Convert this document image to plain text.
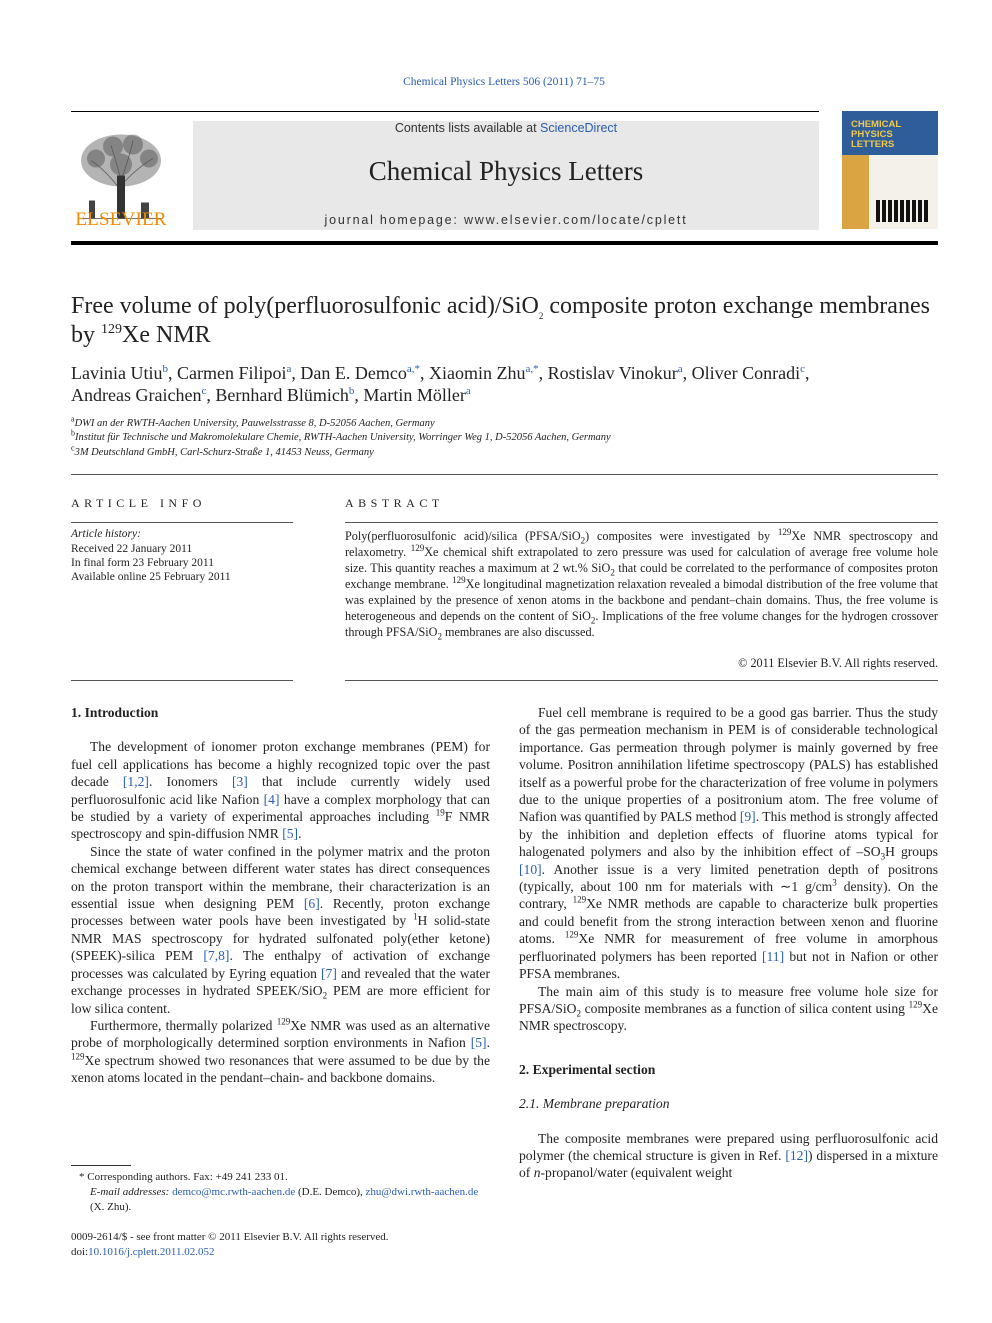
Chemical Physics Letters 506 (2011) 71–75
Contents lists available at ScienceDirect
Chemical Physics Letters
journal homepage: www.elsevier.com/locate/cplett
ELSEVIER
CHEMICAL
PHYSICS
LETTERS
Free volume of poly(perfluorosulfonic acid)/SiO$_2$ composite proton exchange membranes by $^{129}$Xe NMR
Lavinia Utiu$^b$, Carmen Filipoi$^a$, Dan E. Demco$^{a,*}$, Xiaomin Zhu$^{a,*}$, Rostislav Vinokur$^a$, Oliver Conradi$^c$,
Andreas Graichen$^c$, Bernhard Blümich$^b$, Martin Möller$^a$
$^a$DWI an der RWTH-Aachen University, Pauwelsstrasse 8, D-52056 Aachen, Germany
$^b$Institut für Technische und Makromolekulare Chemie, RWTH-Aachen University, Worringer Weg 1, D-52056 Aachen, Germany
$^c$3M Deutschland GmbH, Carl-Schurz-Straße 1, 41453 Neuss, Germany
ARTICLE INFO
Article history:
Received 22 January 2011
In final form 23 February 2011
Available online 25 February 2011
ABSTRACT
Poly(perfluorosulfonic acid)/silica (PFSA/SiO$_2$) composites were investigated by $^{129}$Xe NMR spectroscopy and relaxometry. $^{129}$Xe chemical shift extrapolated to zero pressure was used for calculation of average free volume hole size. This quantity reaches a maximum at 2 wt.% SiO$_2$ that could be correlated to the performance of composites proton exchange membrane. $^{129}$Xe longitudinal magnetization relaxation revealed a bimodal distribution of the free volume that was explained by the presence of xenon atoms in the backbone and pendant–chain domains. Thus, the free volume is heterogeneous and depends on the content of SiO$_2$. Implications of the free volume changes for the hydrogen crossover through PFSA/SiO$_2$ membranes are also discussed.
© 2011 Elsevier B.V. All rights reserved.
1. Introduction

The development of ionomer proton exchange membranes (PEM) for fuel cell applications has become a highly recognized topic over the past decade [1,2]. Ionomers [3] that include currently widely used perfluorosulfonic acid like Nafion [4] have a complex morphology that can be studied by a variety of experimental approaches including $^{19}$F NMR spectroscopy and spin-diffusion NMR [5].

Since the state of water confined in the polymer matrix and the proton chemical exchange between different water states has direct consequences on the proton transport within the membrane, their characterization is an essential issue when designing PEM [6]. Recently, proton exchange processes between water pools have been investigated by $^1$H solid-state NMR MAS spectroscopy for hydrated sulfonated poly(ether ketone) (SPEEK)-silica PEM [7,8]. The enthalpy of activation of exchange processes was calculated by Eyring equation [7] and revealed that the water exchange processes in hydrated SPEEK/SiO$_2$ PEM are more efficient for low silica content.

Furthermore, thermally polarized $^{129}$Xe NMR was used as an alternative probe of morphologically determined sorption environments in Nafion [5]. $^{129}$Xe spectrum showed two resonances that were assumed to be due by the xenon atoms located in the pendant–chain- and backbone domains.

Fuel cell membrane is required to be a good gas barrier. Thus the study of the gas permeation mechanism in PEM is of considerable technological importance. Gas permeation through polymer is mainly governed by free volume. Positron annihilation lifetime spectroscopy (PALS) has established itself as a powerful probe for the characterization of free volume in polymers due to the unique properties of a positronium atom. The free volume of Nafion was quantified by PALS method [9]. This method is strongly affected by the inhibition and depletion effects of fluorine atoms typical for halogenated polymers and also by the inhibition effect of $-SO_3H$ groups [10]. Another issue is a very limited penetration depth of positrons (typically, about 100 nm for materials with ∼1 $g/cm^3$ density). On the contrary, $^{129}$Xe NMR methods are capable to characterize bulk properties and could benefit from the strong interaction between xenon and fluorine atoms. $^{129}$Xe NMR for measurement of free volume in amorphous perfluorinated polymers has been reported [11] but not in Nafion or other PFSA membranes.

The main aim of this study is to measure free volume hole size for PFSA/SiO$_2$ composite membranes as a function of silica content using $^{129}$Xe NMR spectroscopy.

2. Experimental section
2.1. Membrane preparation

The composite membranes were prepared using perfluorosulfonic acid polymer (the chemical structure is given in Ref. [12]) dispersed in a mixture of n-propanol/water (equivalent weight

* Corresponding authors. Fax: +49 241 233 01.
E-mail addresses: demco@mc.rwth-aachen.de (D.E. Demco), zhu@dwi.rwth-aachen.de (X. Zhu).
0009-2614/$ - see front matter © 2011 Elsevier B.V. All rights reserved.
doi:10.1016/j.cplett.2011.02.052
